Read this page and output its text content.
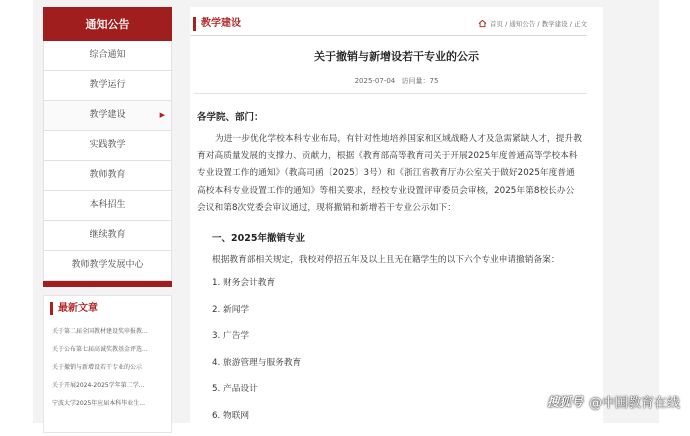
通知公告
综合通知
教学运行
教学建设	▶
实践教学
教师教育
本科招生
继续教育
教师教学发展中心
最新文章
关于第二届全国教材建设奖申报教...
关于公布第七届高诚奖教基金评选...
关于撤销与新增设若干专业的公示
关于开展2024-2025学年第二学...
宁波大学2025年应届本科毕业生...
教学建设	首页 / 通知公告 / 教学建设 / 正文
关于撤销与新增设若干专业的公示
2025-07-04 访问量：75
各学院、部门：
为进一步优化学校本科专业布局，有针对性地培养国家和区域战略人才及急需紧缺人才，提升教育对高质量发展的支撑力、贡献力，根据《教育部高等教育司关于开展2025年度普通高等学校本科专业设置工作的通知》（教高司函〔2025〕3号）和《浙江省教育厅办公室关于做好2025年度普通高校本科专业设置工作的通知》等相关要求，经校专业设置评审委员会审核，2025年第8校长办公会议和第8次党委会审议通过，现将撤销和新增若干专业公示如下：
一、2025年撤销专业
根据教育部相关规定，我校对停招五年及以上且无在籍学生的以下六个专业申请撤销备案：
1. 财务会计教育
2. 新闻学
3. 广告学
4. 旅游管理与服务教育
5. 产品设计
6. 物联网
搜狐号 @中国教育在线
